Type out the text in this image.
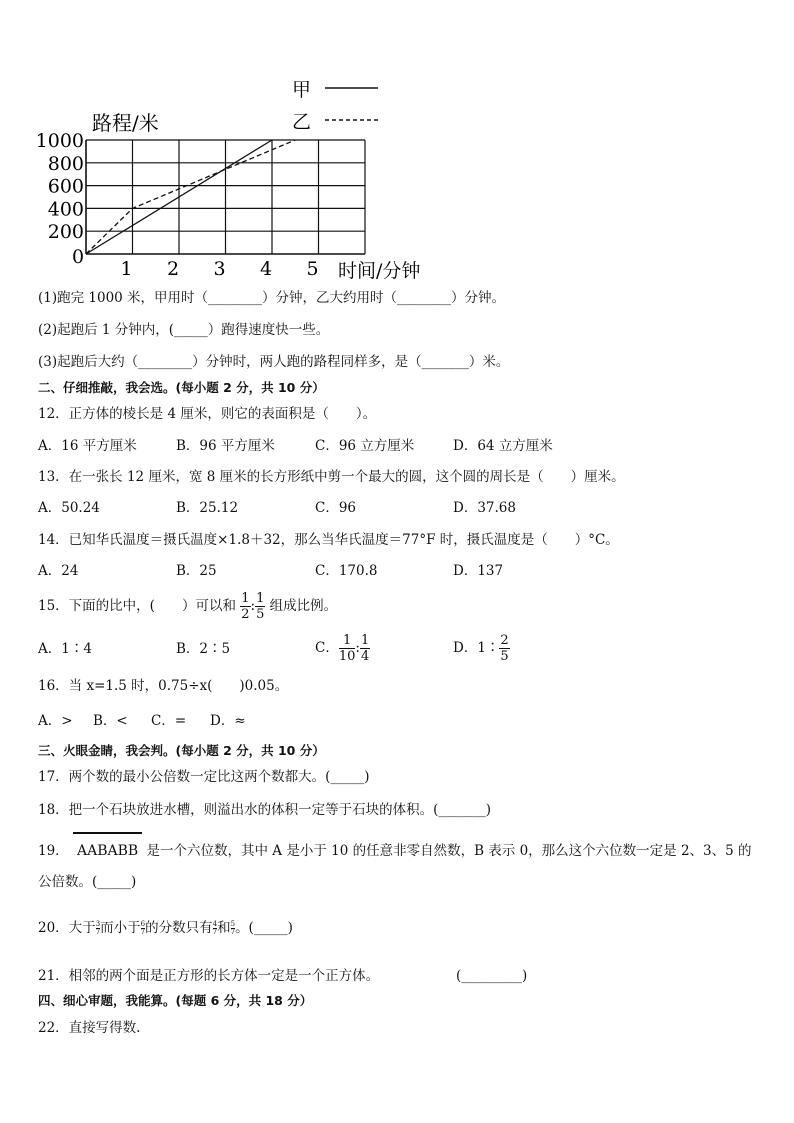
路程/米
甲
乙
1000
800
600
400
200
1 2 3 4 5
0
时间/分钟
(1)跑完 1000 米，甲用时（________）分钟，乙大约用时（________）分钟。
(2)起跑后 1 分钟内，(_____）跑得速度快一些。
(3)起跑后大约（________）分钟时，两人跑的路程同样多，是（_______）米。
二、仔细推敲，我会选。(每小题 2 分，共 10 分）
12．正方体的棱长是 4 厘米，则它的表面积是（　　）。
A．16 平方厘米	B．96 平方厘米	C．96 立方厘米	D．64 立方厘米
13．在一张长 12 厘米，宽 8 厘米的长方形纸中剪一个最大的圆，这个圆的周长是（　　）厘米。
A．50.24	B．25.12	C．96	D．37.68
14．已知华氏温度＝摄氏温度×1.8＋32，那么当华氏温度＝77°F 时，摄氏温度是（　　）°C。
A．24	B．25	C．170.8	D．137
15．下面的比中，(　　）可以和 $\frac{1}{2}$ : $\frac{1}{5}$ 组成比例。
A．1∶4	B．2∶5	C． $\frac{1}{10}$ : $\frac{1}{4}$	D．1∶ $\frac{2}{5}$
16．当 x=1.5 时，0.75÷x(　　)0.05。
A．> B．< C．= D．≈
三、火眼金睛，我会判。(每小题 2 分，共 10 分）
17．两个数的最小公倍数一定比这两个数都大。(_____)
18．把一个石块放进水槽，则溢出水的体积一定等于石块的体积。(_______)
19． AABABB 是一个六位数，其中 A 是小于 10 的任意非零自然数，B 表示 0，那么这个六位数一定是 2、3、5 的
公倍数。(_____)
20．大于 $\frac{3}{7}$ 而小于 $\frac{6}{7}$ 的分数只有 $\frac{4}{7}$ 和 $\frac{5}{7}$ 。(_____)
21．相邻的两个面是正方形的长方体一定是一个正方体。	(_________)
四、细心审题，我能算。(每题 6 分，共 18 分）
22．直接写得数.
